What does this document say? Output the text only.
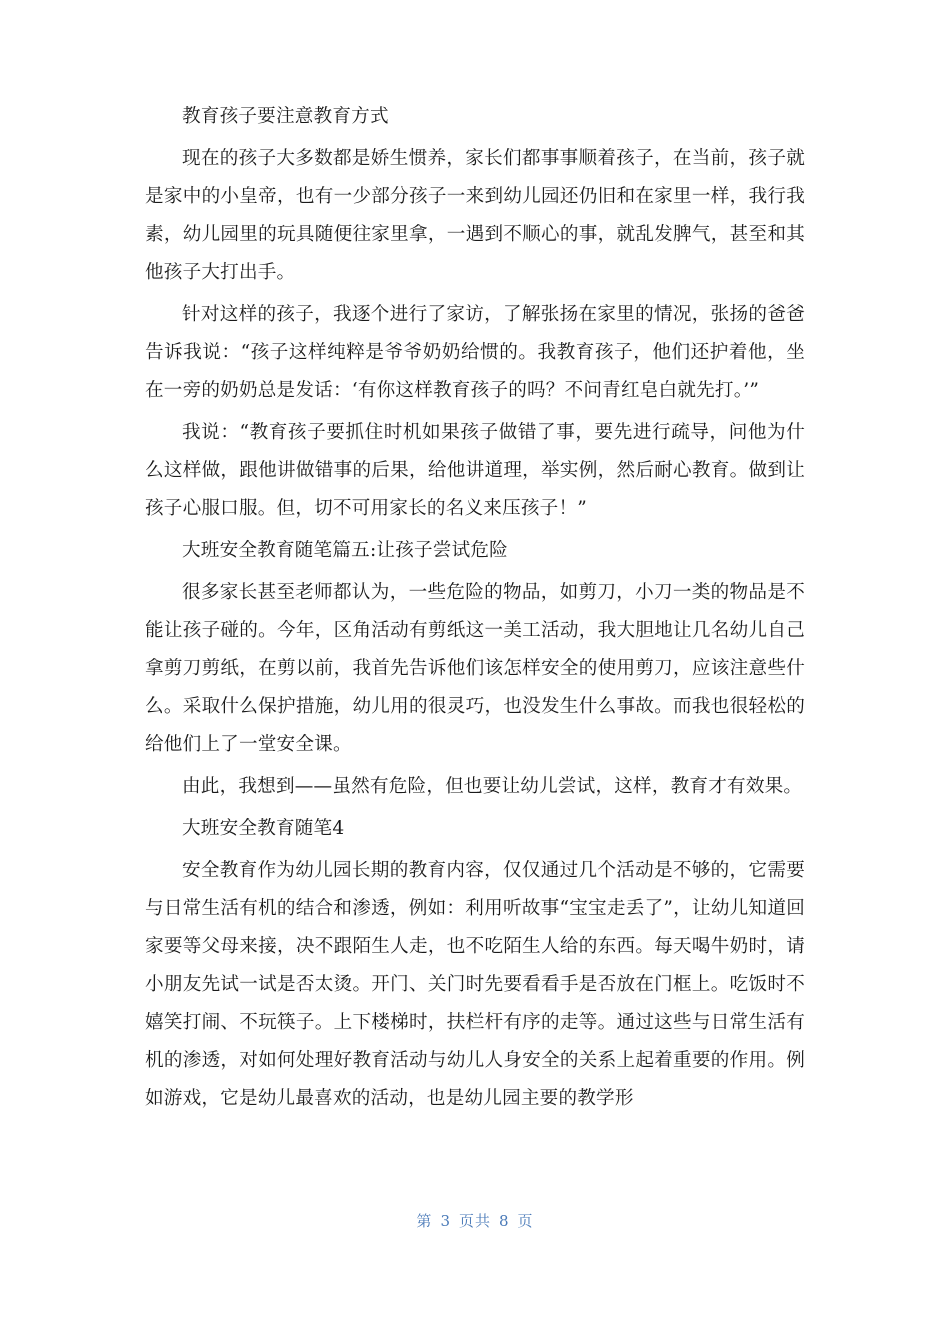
教育孩子要注意教育方式

现在的孩子大多数都是娇生惯养，家长们都事事顺着孩子，在当前，孩子就是家中的小皇帝，也有一少部分孩子一来到幼儿园还仍旧和在家里一样，我行我素，幼儿园里的玩具随便往家里拿，一遇到不顺心的事，就乱发脾气，甚至和其他孩子大打出手。

针对这样的孩子，我逐个进行了家访，了解张扬在家里的情况，张扬的爸爸告诉我说：“孩子这样纯粹是爷爷奶奶给惯的。我教育孩子，他们还护着他，坐在一旁的奶奶总是发话：‘有你这样教育孩子的吗？不问青红皂白就先打。’”

我说：“教育孩子要抓住时机如果孩子做错了事，要先进行疏导，问他为什么这样做，跟他讲做错事的后果，给他讲道理，举实例，然后耐心教育。做到让孩子心服口服。但，切不可用家长的名义来压孩子！”

大班安全教育随笔篇五:让孩子尝试危险

很多家长甚至老师都认为，一些危险的物品，如剪刀，小刀一类的物品是不能让孩子碰的。今年，区角活动有剪纸这一美工活动，我大胆地让几名幼儿自己拿剪刀剪纸，在剪以前，我首先告诉他们该怎样安全的使用剪刀，应该注意些什么。采取什么保护措施，幼儿用的很灵巧，也没发生什么事故。而我也很轻松的给他们上了一堂安全课。

由此，我想到——虽然有危险，但也要让幼儿尝试，这样，教育才有效果。

大班安全教育随笔4

安全教育作为幼儿园长期的教育内容，仅仅通过几个活动是不够的，它需要与日常生活有机的结合和渗透，例如：利用听故事“宝宝走丢了”，让幼儿知道回家要等父母来接，决不跟陌生人走，也不吃陌生人给的东西。每天喝牛奶时，请小朋友先试一试是否太烫。开门、关门时先要看看手是否放在门框上。吃饭时不嬉笑打闹、不玩筷子。上下楼梯时，扶栏杆有序的走等。通过这些与日常生活有机的渗透，对如何处理好教育活动与幼儿人身安全的关系上起着重要的作用。例如游戏，它是幼儿最喜欢的活动，也是幼儿园主要的教学形

第 3 页共 8 页
